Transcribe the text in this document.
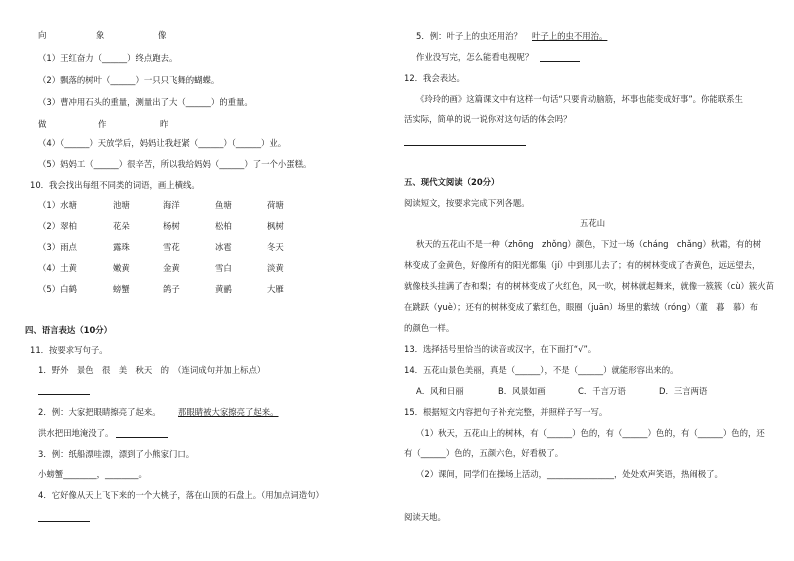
向	象	像
（1）王红奋力（______）终点跑去。
（2）飘落的树叶（______）一只只飞舞的蝴蝶。
（3）曹冲用石头的重量，测量出了大（______）的重量。
做	作	昨
（4）（______）天放学后，妈妈让我赶紧（______）（______）业。
（5）妈妈工（______）很辛苦，所以我给妈妈（______）了一个小蛋糕。
10．我会找出每组不同类的词语，画上横线。
（1）水塘	池塘	海洋	鱼塘	荷塘
（2）翠柏	花朵	杨树	松柏	枫树
（3）雨点	露珠	雪花	冰雹	冬天
（4）土黄	嫩黄	金黄	雪白	淡黄
（5）白鹤	螃蟹	鸽子	黄鹂	大雁
四、语言表达（10分）
11．按要求写句子。
1．野外　景色　很　美　秋天　的　（连词成句并加上标点）
2．例：大家把眼睛擦亮了起来。 那眼睛被大家擦亮了起来。
洪水把田地淹没了。
3．例：纸船漂哇漂，漂到了小熊家门口。
小螃蟹________，________。
4．它好像从天上飞下来的一个大桃子，落在山顶的石盘上。（用加点词造句）
5．例：叶子上的虫还用治？ 叶子上的虫不用治。
作业没写完，怎么能看电视呢？
12．我会表达。
《玲玲的画》这篇课文中有这样一句话“只要肯动脑筋，坏事也能变成好事”。你能联系生
活实际，简单的说一说你对这句话的体会吗？
五、现代文阅读（20分）
阅读短文，按要求完成下列各题。
五花山
秋天的五花山不是一种（zhōng　zhǒng）颜色，下过一场（cháng　chǎng）秋霜，有的树
林变成了金黄色，好像所有的阳光都集（jí）中到那儿去了；有的树林变成了杏黄色，远远望去，
就像枝头挂满了杏和梨；有的树林变成了火红色，风一吹，树林就起舞来，就像一簇簇（cù）簇火苗
在跳跃（yuè）；还有的树林变成了紫红色，眼圈（juān）场里的紫绒（róng）（董　暮　慕）布
的颜色一样。
13．选择括号里恰当的读音或汉字，在下面打“√”。
14．五花山景色美丽，真是（______），不是（______）就能形容出来的。
A．风和日丽	B．风景如画	C．千言万语	D．三言两语
15．根据短文内容把句子补充完整，并照样子写一写。
（1）秋天，五花山上的树林，有（______）色的，有（______）色的，有（______）色的，还
有（______）色的，五颜六色，好看极了。
（2）课间，同学们在操场上活动，________________，处处欢声笑语，热闹极了。
阅读天地。
